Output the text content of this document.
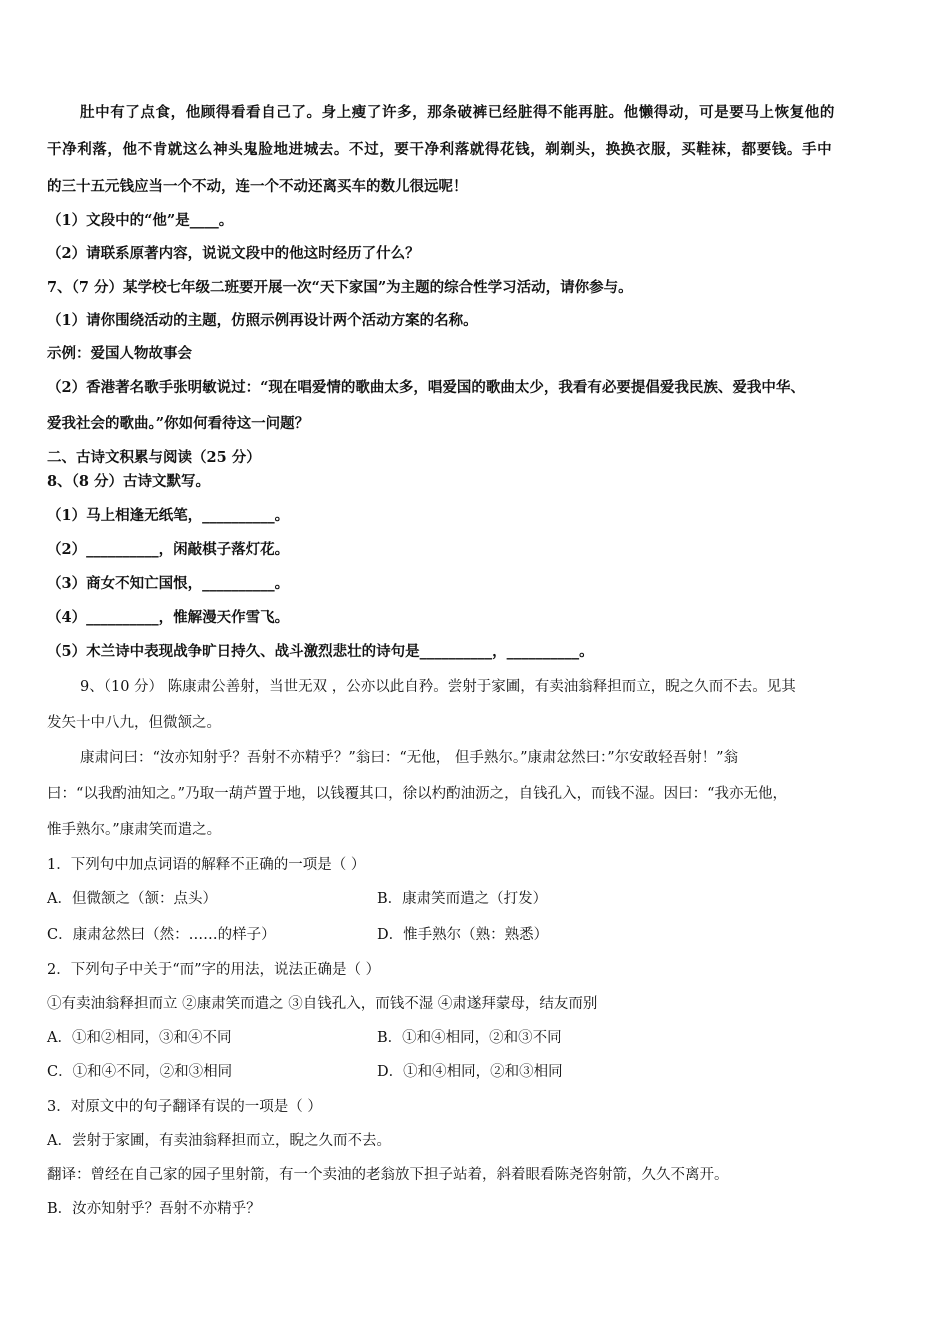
肚中有了点食，他顾得看看自己了。身上瘦了许多，那条破裤已经脏得不能再脏。他懒得动，可是要马上恢复他的
干净利落，他不肯就这么神头鬼脸地进城去。不过，要干净利落就得花钱，剃剃头，换换衣服，买鞋袜，都要钱。手中
的三十五元钱应当一个不动，连一个不动还离买车的数儿很远呢！
（1）文段中的“他”是____。
（2）请联系原著内容，说说文段中的他这时经历了什么？
7、（7 分）某学校七年级二班要开展一次“天下家国”为主题的综合性学习活动，请你参与。
（1）请你围绕活动的主题，仿照示例再设计两个活动方案的名称。
示例：爱国人物故事会
（2）香港著名歌手张明敏说过：“现在唱爱情的歌曲太多，唱爱国的歌曲太少，我看有必要提倡爱我民族、爱我中华、
爱我社会的歌曲。”你如何看待这一问题？
二、古诗文积累与阅读（25 分）
8、（8 分）古诗文默写。
（1）马上相逢无纸笔，__________。
（2）__________，闲敲棋子落灯花。
（3）商女不知亡国恨，__________。
（4）__________，惟解漫天作雪飞。
（5）木兰诗中表现战争旷日持久、战斗激烈悲壮的诗句是__________，__________。
9、（10 分） 陈康肃公善射，当世无双 ，公亦以此自矜。尝射于家圃，有卖油翁释担而立，睨之久而不去。见其
发矢十中八九，但微颔之。
康肃问曰：“汝亦知射乎？吾射不亦精乎？”翁曰：“无他， 但手熟尔。”康肃忿然曰：”尔安敢轻吾射！”翁
曰：“以我酌油知之。”乃取一葫芦置于地，以钱覆其口，徐以杓酌油沥之，自钱孔入，而钱不湿。因曰：“我亦无他，
惟手熟尔。”康肃笑而遣之。
1．下列句中加点词语的解释不正确的一项是（ ）
A．但微颔之（颔：点头）	B．康肃笑而遣之（打发）
C．康肃忿然曰（然：……的样子）	D．惟手熟尔（熟：熟悉）
2．下列句子中关于“而”字的用法，说法正确是（ ）
①有卖油翁释担而立 ②康肃笑而遣之 ③自钱孔入，而钱不湿 ④肃遂拜蒙母，结友而别
A．①和②相同，③和④不同	B．①和④相同，②和③不同
C．①和④不同，②和③相同	D．①和④相同，②和③相同
3．对原文中的句子翻译有误的一项是（ ）
A．尝射于家圃，有卖油翁释担而立，睨之久而不去。
翻译：曾经在自己家的园子里射箭，有一个卖油的老翁放下担子站着，斜着眼看陈尧咨射箭，久久不离开。
B．汝亦知射乎？吾射不亦精乎？
